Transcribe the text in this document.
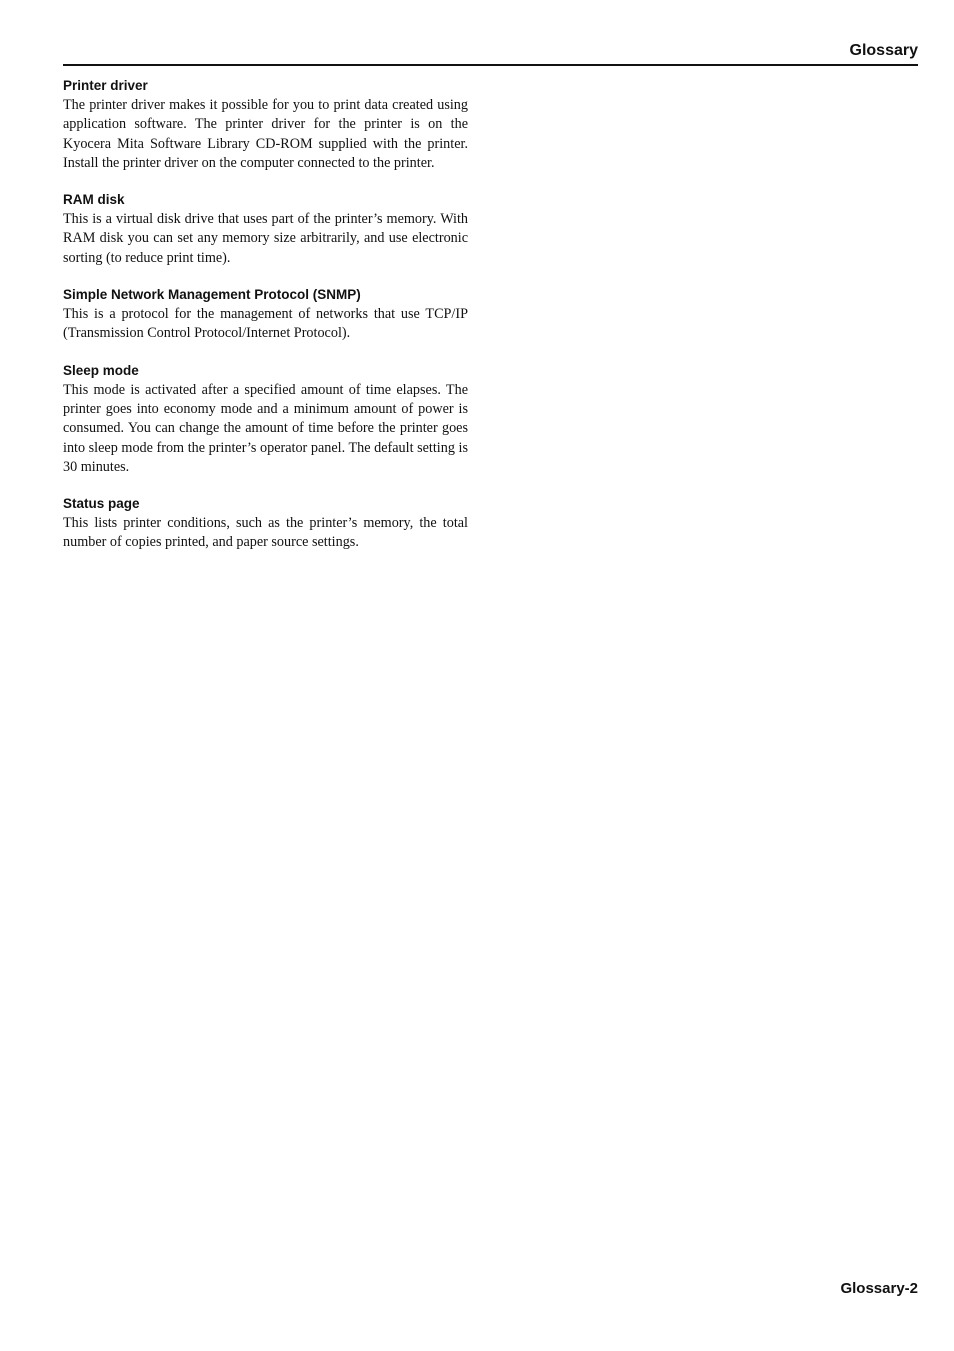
Glossary
Printer driver

The printer driver makes it possible for you to print data created using application software. The printer driver for the printer is on the Kyocera Mita Software Library CD-ROM supplied with the printer. Install the printer driver on the computer connected to the printer.

RAM disk

This is a virtual disk drive that uses part of the printer’s memory. With RAM disk you can set any memory size arbitrarily, and use electronic sorting (to reduce print time).

Simple Network Management Protocol (SNMP)

This is a protocol for the management of networks that use TCP/IP (Transmission Control Protocol/Internet Protocol).

Sleep mode

This mode is activated after a specified amount of time elapses. The printer goes into economy mode and a minimum amount of power is consumed. You can change the amount of time before the printer goes into sleep mode from the printer’s operator panel. The default setting is 30 minutes.

Status page

This lists printer conditions, such as the printer’s memory, the total number of copies printed, and paper source settings.

Glossary-2
